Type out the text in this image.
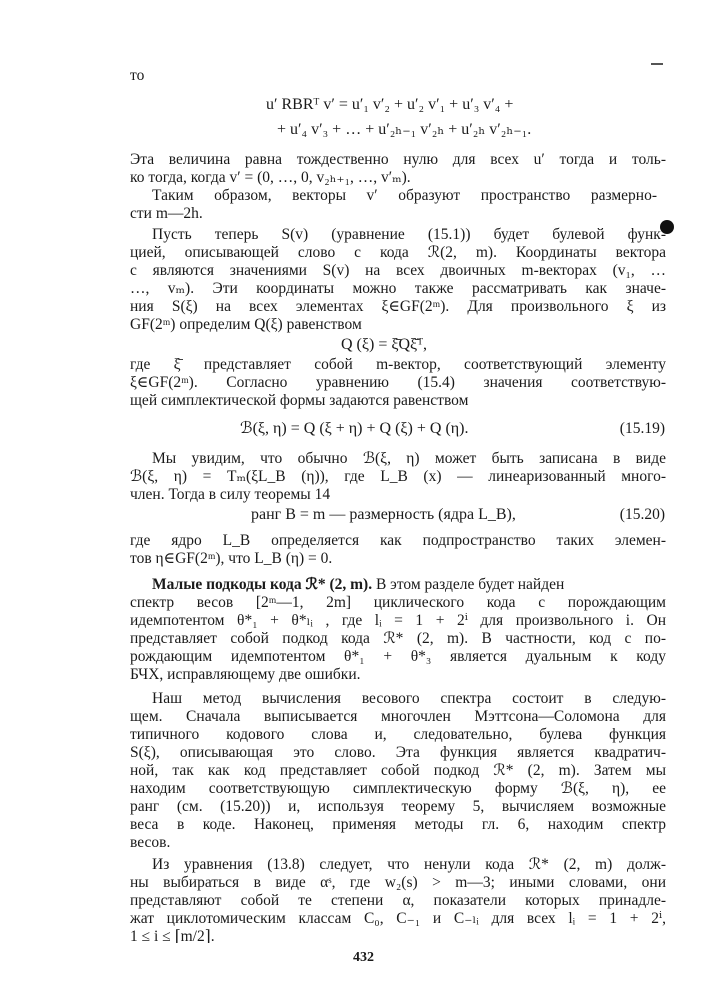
то
u′ RBRᵀ v′ = u′₁ v′₂ + u′₂ v′₁ + u′₃ v′₄ +
+ u′₄ v′₃ + … + u′₂ₕ₋₁ v′₂ₕ + u′₂ₕ v′₂ₕ₋₁.
Эта величина равна тождественно нулю для всех u′ тогда и толь-
ко тогда, когда v′ = (0, …, 0, v₂ₕ₊₁, …, v′ₘ).
Таким образом, векторы v′ образуют пространство размерно-
сти m—2h.
Пусть теперь S(v) (уравнение (15.1)) будет булевой функ-
цией, описывающей слово c кода ℛ(2, m). Координаты вектора
c являются значениями S(v) на всех двоичных m-векторах (v₁, …
…, vₘ). Эти координаты можно также рассматривать как значе-
ния S(ξ) на всех элементах ξ∈GF(2ᵐ). Для произвольного ξ из
GF(2ᵐ) определим Q(ξ) равенством
Q (ξ) = ξ̄Qξ̄ᵀ,
где ξ̄ представляет собой m-вектор, соответствующий элементу
ξ∈GF(2ᵐ). Согласно уравнению (15.4) значения соответствую-
щей симплектической формы задаются равенством
ℬ(ξ, η) = Q (ξ + η) + Q (ξ) + Q (η).	(15.19)
Мы увидим, что обычно ℬ(ξ, η) может быть записана в виде
ℬ(ξ, η) = Tₘ(ξL_B (η)), где L_B (x) — линеаризованный много-
член. Тогда в силу теоремы 14
ранг B = m — размерность (ядра L_B),	(15.20)
где ядро L_B определяется как подпространство таких элемен-
тов η∈GF(2ᵐ), что L_B (η) = 0.
Малые подкоды кода ℛ* (2, m). В этом разделе будет найден
спектр весов [2ᵐ—1, 2m] циклического кода с порождающим
идемпотентом θ*₁ + θ*ₗᵢ , где lᵢ = 1 + 2ⁱ для произвольного i. Он
представляет собой подкод кода ℛ* (2, m). В частности, код с по-
рождающим идемпотентом θ*₁ + θ*₃ является дуальным к коду
БЧХ, исправляющему две ошибки.
Наш метод вычисления весового спектра состоит в следую-
щем. Сначала выписывается многочлен Мэттсона—Соломона для
типичного кодового слова и, следовательно, булева функция
S(ξ), описывающая это слово. Эта функция является квадратич-
ной, так как код представляет собой подкод ℛ* (2, m). Затем мы
находим соответствующую симплектическую форму ℬ(ξ, η), ее
ранг (см. (15.20)) и, используя теорему 5, вычисляем возможные
веса в коде. Наконец, применяя методы гл. 6, находим спектр
весов.
Из уравнения (13.8) следует, что ненули кода ℛ* (2, m) долж-
ны выбираться в виде αˢ, где w₂(s) > m—3; иными словами, они
представляют собой те степени α, показатели которых принадле-
жат циклотомическим классам C₀, C₋₁ и C₋ₗᵢ для всех lᵢ = 1 + 2ⁱ,
1 ≤ i ≤ ⌈m/2⌉.
432
